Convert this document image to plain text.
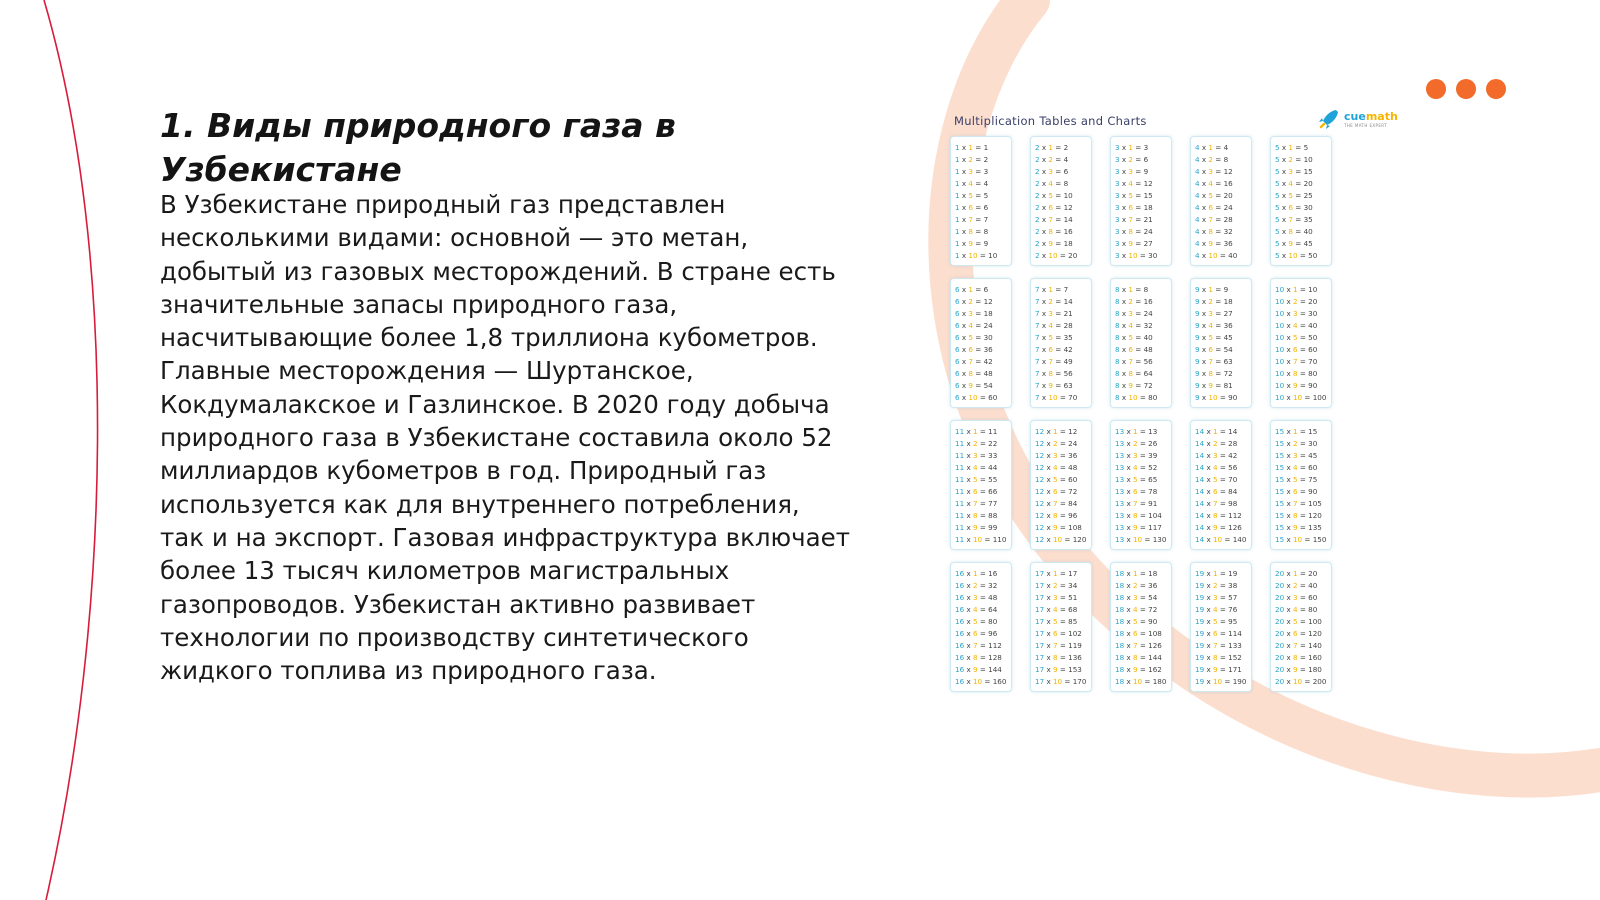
1. Виды природного газа в Узбекистане

В Узбекистане природный газ представлен несколькими видами: основной — это метан, добытый из газовых месторождений. В стране есть значительные запасы природного газа, насчитывающие более 1,8 триллиона кубометров. Главные месторождения — Шуртанское, Кокдумалакское и Газлинское. В 2020 году добыча природного газа в Узбекистане составила около 52 миллиардов кубометров в год. Природный газ используется как для внутреннего потребления, так и на экспорт. Газовая инфраструктура включает более 13 тысяч километров магистральных газопроводов. Узбекистан активно развивает технологии по производству синтетического жидкого топлива из природного газа.

Multiplication Tables and Charts	cuemath
THE MATH EXPERT
1 x 1 = 1
1 x 2 = 2
1 x 3 = 3
1 x 4 = 4
1 x 5 = 5
1 x 6 = 6
1 x 7 = 7
1 x 8 = 8
1 x 9 = 9
1 x 10 = 10
2 x 1 = 2
2 x 2 = 4
2 x 3 = 6
2 x 4 = 8
2 x 5 = 10
2 x 6 = 12
2 x 7 = 14
2 x 8 = 16
2 x 9 = 18
2 x 10 = 20
3 x 1 = 3
3 x 2 = 6
3 x 3 = 9
3 x 4 = 12
3 x 5 = 15
3 x 6 = 18
3 x 7 = 21
3 x 8 = 24
3 x 9 = 27
3 x 10 = 30
4 x 1 = 4
4 x 2 = 8
4 x 3 = 12
4 x 4 = 16
4 x 5 = 20
4 x 6 = 24
4 x 7 = 28
4 x 8 = 32
4 x 9 = 36
4 x 10 = 40
5 x 1 = 5
5 x 2 = 10
5 x 3 = 15
5 x 4 = 20
5 x 5 = 25
5 x 6 = 30
5 x 7 = 35
5 x 8 = 40
5 x 9 = 45
5 x 10 = 50
6 x 1 = 6
6 x 2 = 12
6 x 3 = 18
6 x 4 = 24
6 x 5 = 30
6 x 6 = 36
6 x 7 = 42
6 x 8 = 48
6 x 9 = 54
6 x 10 = 60
7 x 1 = 7
7 x 2 = 14
7 x 3 = 21
7 x 4 = 28
7 x 5 = 35
7 x 6 = 42
7 x 7 = 49
7 x 8 = 56
7 x 9 = 63
7 x 10 = 70
8 x 1 = 8
8 x 2 = 16
8 x 3 = 24
8 x 4 = 32
8 x 5 = 40
8 x 6 = 48
8 x 7 = 56
8 x 8 = 64
8 x 9 = 72
8 x 10 = 80
9 x 1 = 9
9 x 2 = 18
9 x 3 = 27
9 x 4 = 36
9 x 5 = 45
9 x 6 = 54
9 x 7 = 63
9 x 8 = 72
9 x 9 = 81
9 x 10 = 90
10 x 1 = 10
10 x 2 = 20
10 x 3 = 30
10 x 4 = 40
10 x 5 = 50
10 x 6 = 60
10 x 7 = 70
10 x 8 = 80
10 x 9 = 90
10 x 10 = 100
11 x 1 = 11
11 x 2 = 22
11 x 3 = 33
11 x 4 = 44
11 x 5 = 55
11 x 6 = 66
11 x 7 = 77
11 x 8 = 88
11 x 9 = 99
11 x 10 = 110
12 x 1 = 12
12 x 2 = 24
12 x 3 = 36
12 x 4 = 48
12 x 5 = 60
12 x 6 = 72
12 x 7 = 84
12 x 8 = 96
12 x 9 = 108
12 x 10 = 120
13 x 1 = 13
13 x 2 = 26
13 x 3 = 39
13 x 4 = 52
13 x 5 = 65
13 x 6 = 78
13 x 7 = 91
13 x 8 = 104
13 x 9 = 117
13 x 10 = 130
14 x 1 = 14
14 x 2 = 28
14 x 3 = 42
14 x 4 = 56
14 x 5 = 70
14 x 6 = 84
14 x 7 = 98
14 x 8 = 112
14 x 9 = 126
14 x 10 = 140
15 x 1 = 15
15 x 2 = 30
15 x 3 = 45
15 x 4 = 60
15 x 5 = 75
15 x 6 = 90
15 x 7 = 105
15 x 8 = 120
15 x 9 = 135
15 x 10 = 150
16 x 1 = 16
16 x 2 = 32
16 x 3 = 48
16 x 4 = 64
16 x 5 = 80
16 x 6 = 96
16 x 7 = 112
16 x 8 = 128
16 x 9 = 144
16 x 10 = 160
17 x 1 = 17
17 x 2 = 34
17 x 3 = 51
17 x 4 = 68
17 x 5 = 85
17 x 6 = 102
17 x 7 = 119
17 x 8 = 136
17 x 9 = 153
17 x 10 = 170
18 x 1 = 18
18 x 2 = 36
18 x 3 = 54
18 x 4 = 72
18 x 5 = 90
18 x 6 = 108
18 x 7 = 126
18 x 8 = 144
18 x 9 = 162
18 x 10 = 180
19 x 1 = 19
19 x 2 = 38
19 x 3 = 57
19 x 4 = 76
19 x 5 = 95
19 x 6 = 114
19 x 7 = 133
19 x 8 = 152
19 x 9 = 171
19 x 10 = 190
20 x 1 = 20
20 x 2 = 40
20 x 3 = 60
20 x 4 = 80
20 x 5 = 100
20 x 6 = 120
20 x 7 = 140
20 x 8 = 160
20 x 9 = 180
20 x 10 = 200
